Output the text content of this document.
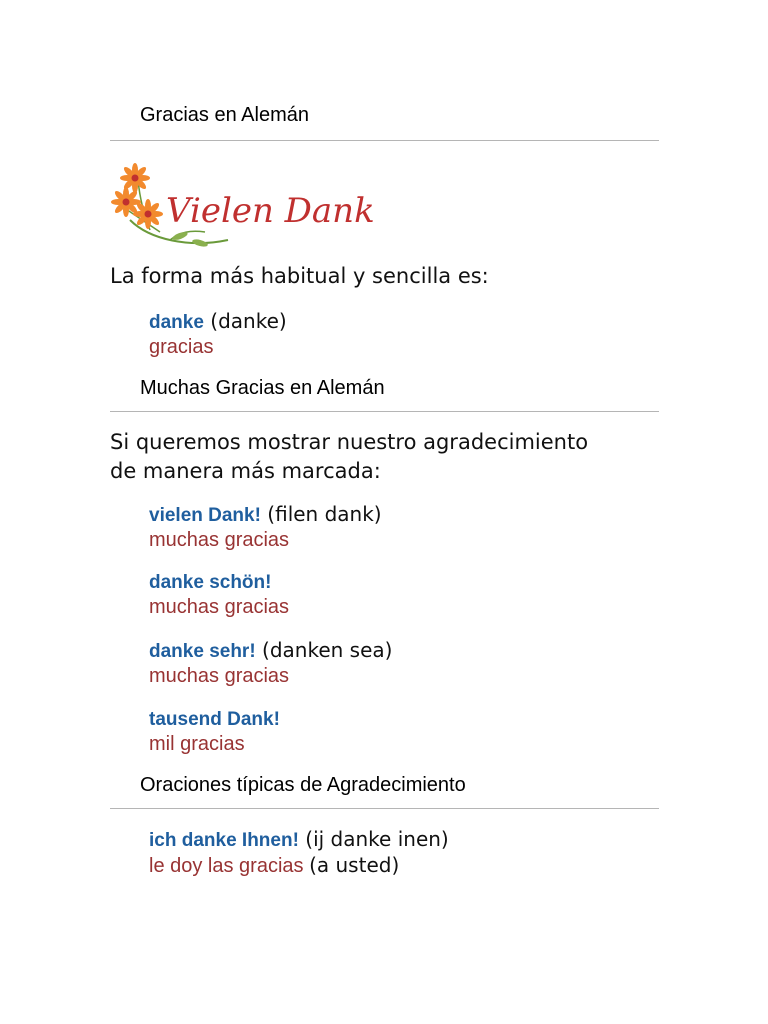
Gracias en Alemán
Vielen Dank

La forma más habitual y sencilla es:

danke (danke)
gracias
Muchas Gracias en Alemán

Si queremos mostrar nuestro agradecimiento
de manera más marcada:

vielen Dank! (filen dank)
muchas gracias
danke schön!
muchas gracias
danke sehr! (danken sea)
muchas gracias
tausend Dank!
mil gracias
Oraciones típicas de Agradecimiento
ich danke Ihnen! (ij danke inen)
le doy las gracias (a usted)
